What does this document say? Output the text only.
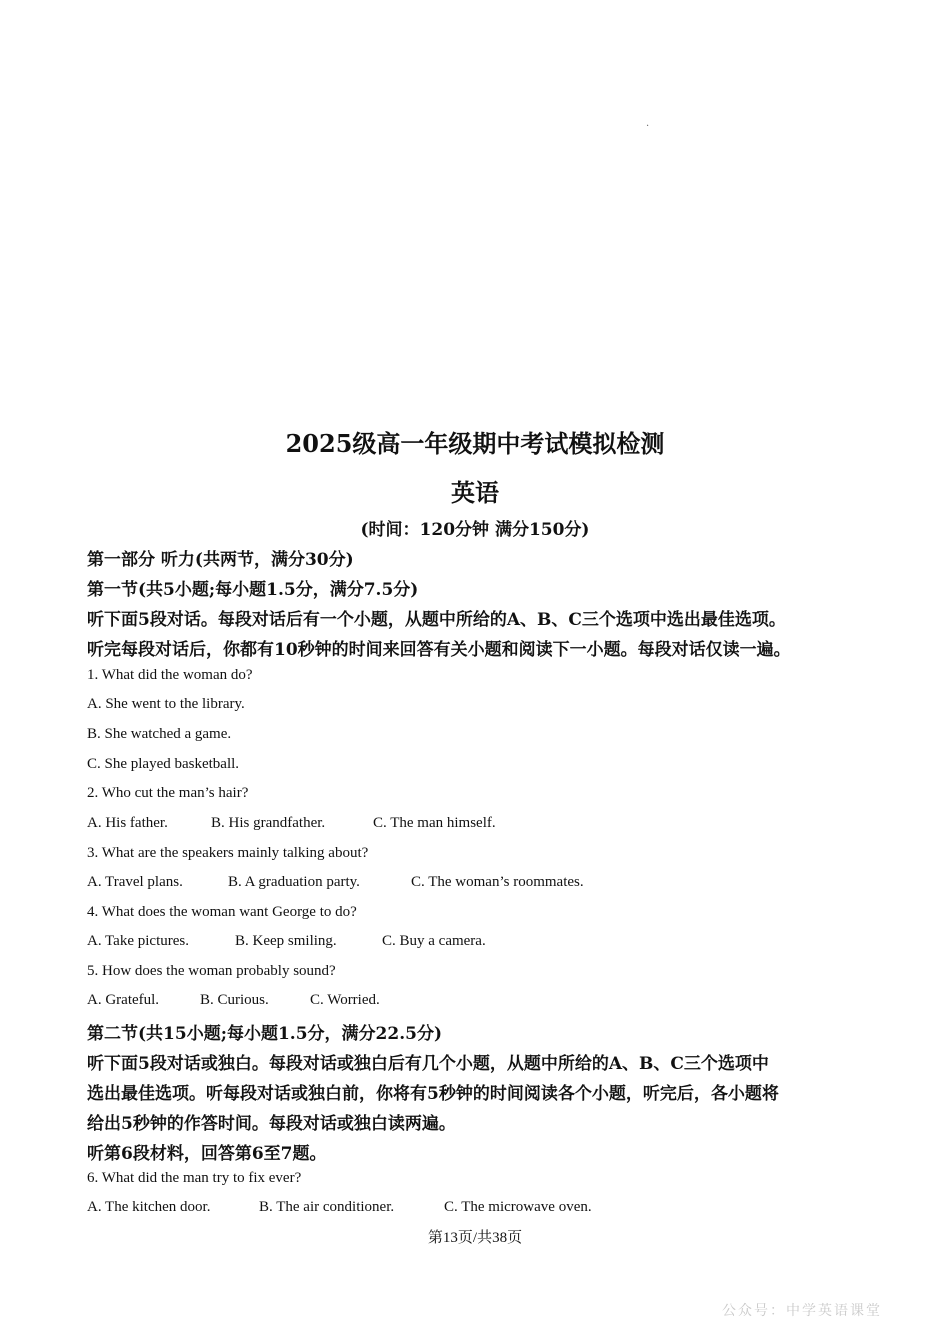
.
2025级高一年级期中考试模拟检测
英语
(时间：120分钟 满分150分)
第一部分 听力(共两节，满分30分)
第一节(共5小题;每小题1.5分，满分7.5分)
听下面5段对话。每段对话后有一个小题，从题中所给的A、B、C三个选项中选出最佳选项。
听完每段对话后，你都有10秒钟的时间来回答有关小题和阅读下一小题。每段对话仅读一遍。
1. What did the woman do?
A. She went to the library.
B. She watched a game.
C. She played basketball.
2. Who cut the man’s hair?
A. His father.	B. His grandfather.	C. The man himself.
3. What are the speakers mainly talking about?
A. Travel plans.	B. A graduation party.	C. The woman’s roommates.
4. What does the woman want George to do?
A. Take pictures.	B. Keep smiling.	C. Buy a camera.
5. How does the woman probably sound?
A. Grateful.	B. Curious.	C. Worried.
第二节(共15小题;每小题1.5分，满分22.5分)
听下面5段对话或独白。每段对话或独白后有几个小题，从题中所给的A、B、C三个选项中
选出最佳选项。听每段对话或独白前，你将有5秒钟的时间阅读各个小题，听完后，各小题将
给出5秒钟的作答时间。每段对话或独白读两遍。
听第6段材料，回答第6至7题。
6. What did the man try to fix ever?
A. The kitchen door.	B. The air conditioner.	C. The microwave oven.
第13页/共38页
公众号：中学英语课堂
